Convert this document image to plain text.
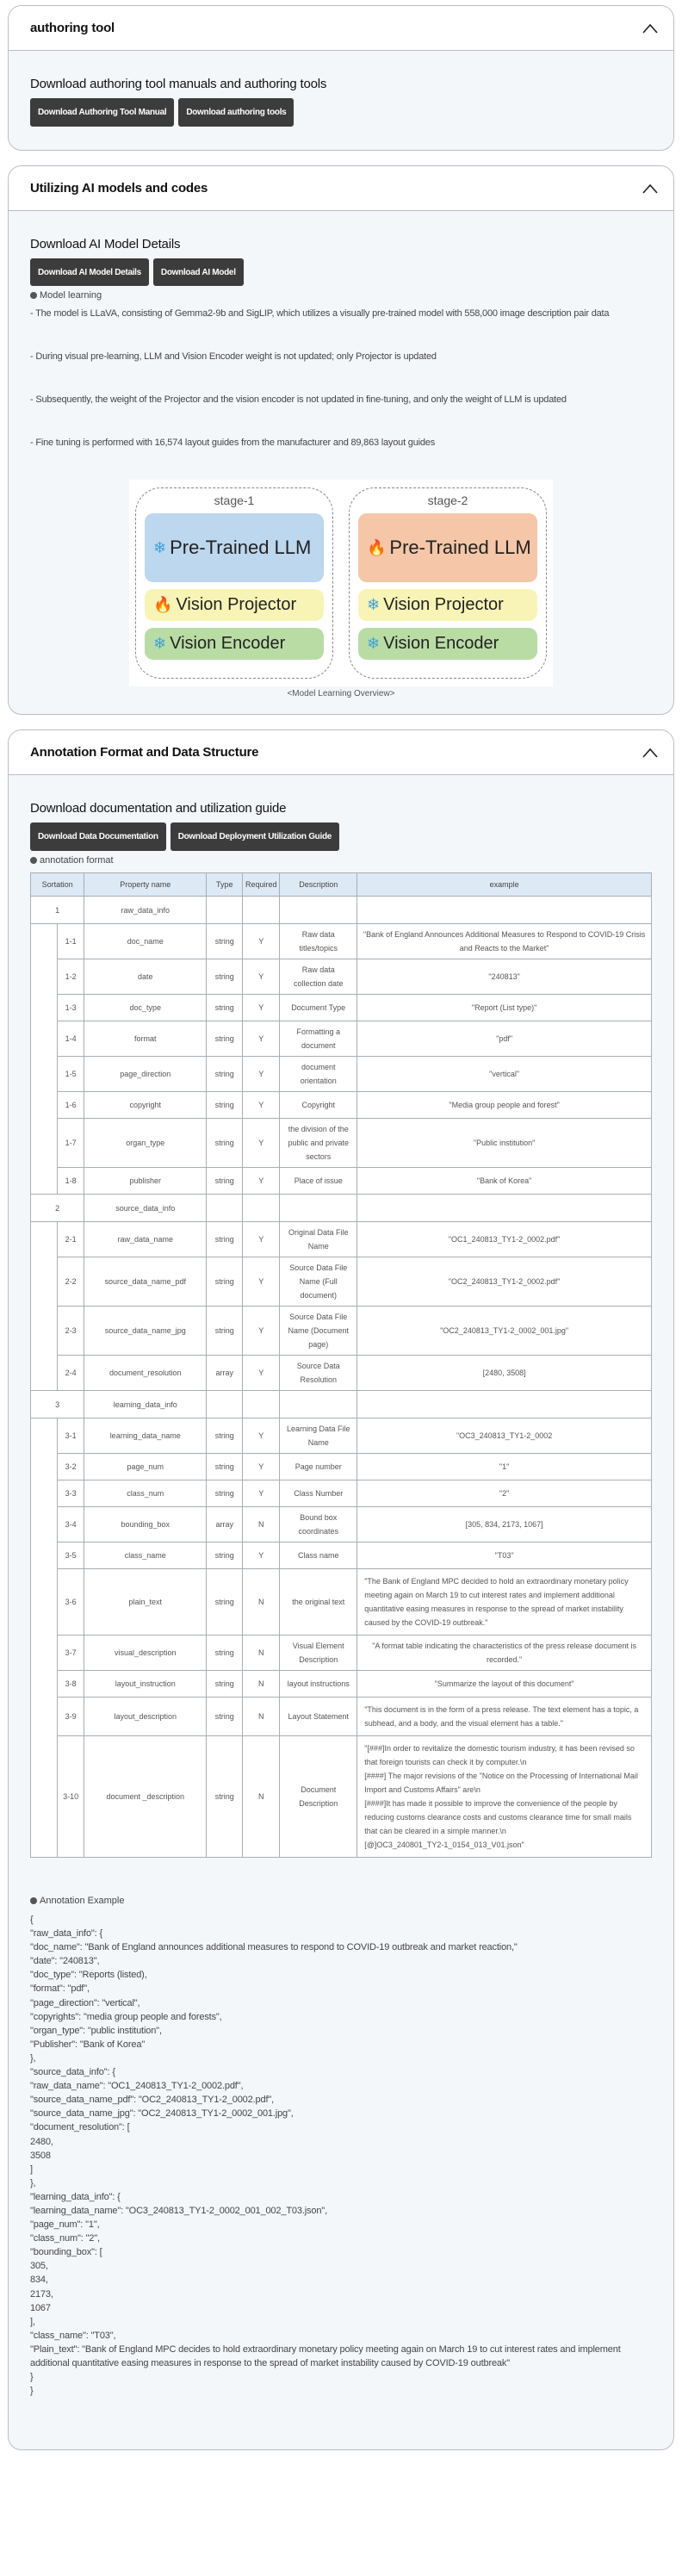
authoring tool
Download authoring tool manuals and authoring tools
Download Authoring Tool Manual	Download authoring tools
Utilizing AI models and codes
Download AI Model Details
Download AI Model Details	Download AI Model
Model learning
- The model is LLaVA, consisting of Gemma2-9b and SigLIP, which utilizes a visually pre-trained model with 558,000 image description pair data
- During visual pre-learning, LLM and Vision Encoder weight is not updated; only Projector is updated
- Subsequently, the weight of the Projector and the vision encoder is not updated in fine-tuning, and only the weight of LLM is updated
- Fine tuning is performed with 16,574 layout guides from the manufacturer and 89,863 layout guides
stage-1
❄ Pre-Trained LLM
🔥 Vision Projector
❄ Vision Encoder
stage-2
🔥 Pre-Trained LLM
❄ Vision Projector
❄ Vision Encoder
<Model Learning Overview>
Annotation Format and Data Structure
Download documentation and utilization guide
Download Data Documentation	Download Deployment Utilization Guide
annotation format
Sortation		Property name	Type	Required	Description	example
1		raw_data_info				
	1-1	doc_name	string	Y	Raw data titles/topics	"Bank of England Announces Additional Measures to Respond to COVID-19 Crisis and Reacts to the Market"
	1-2	date	string	Y	Raw data collection date	"240813"
	1-3	doc_type	string	Y	Document Type	"Report (List type)"
	1-4	format	string	Y	Formatting a document	"pdf"
	1-5	page_direction	string	Y	document orientation	"vertical"
	1-6	copyright	string	Y	Copyright	"Media group people and forest"
	1-7	organ_type	string	Y	the division of the public and private sectors	"Public institution"
	1-8	publisher	string	Y	Place of issue	"Bank of Korea"
2		source_data_info				
	2-1	raw_data_name	string	Y	Original Data File Name	"OC1_240813_TY1-2_0002.pdf"
	2-2	source_data_name_pdf	string	Y	Source Data File Name (Full document)	"OC2_240813_TY1-2_0002.pdf"
	2-3	source_data_name_jpg	string	Y	Source Data File Name (Document page)	"OC2_240813_TY1-2_0002_001.jpg"
	2-4	document_resolution	array	Y	Source Data Resolution	[2480, 3508]
3		learning_data_info				
	3-1	learning_data_name	string	Y	Learning Data File Name	"OC3_240813_TY1-2_0002
	3-2	page_num	string	Y	Page number	"1"
	3-3	class_num	string	Y	Class Number	"2"
	3-4	bounding_box	array	N	Bound box coordinates	[305, 834, 2173, 1067]
	3-5	class_name	string	Y	Class name	"T03"
	3-6	plain_text	string	N	the original text	"The Bank of England MPC decided to hold an extraordinary monetary policy meeting again on March 19 to cut interest rates and implement additional quantitative easing measures in response to the spread of market instability caused by the COVID-19 outbreak."
	3-7	visual_description	string	N	Visual Element Description	"A format table indicating the characteristics of the press release document is recorded."
	3-8	layout_instruction	string	N	layout instructions	"Summarize the layout of this document"
	3-9	layout_description	string	N	Layout Statement	"This document is in the form of a press release. The text element has a topic, a subhead, and a body, and the visual element has a table."
	3-10	document _description	string	N	Document Description	"[###]In order to revitalize the domestic tourism industry, it has been revised so that foreign tourists can check it by computer.\n
[####] The major revisions of the "Notice on the Processing of International Mail Import and Customs Affairs" are\n
[####]It has made it possible to improve the convenience of the people by reducing customs clearance costs and customs clearance time for small mails that can be cleared in a simple manner.\n
[@]OC3_240801_TY2-1_0154_013_V01.json"
Annotation Example
{
"raw_data_info": {
"doc_name": "Bank of England announces additional measures to respond to COVID-19 outbreak and market reaction,"
"date": "240813",
"doc_type": "Reports (listed),
"format": "pdf",
"page_direction": "vertical",
"copyrights": "media group people and forests",
"organ_type": "public institution",
"Publisher": "Bank of Korea"
},
"source_data_info": {
"raw_data_name": "OC1_240813_TY1-2_0002.pdf",
"source_data_name_pdf": "OC2_240813_TY1-2_0002.pdf",
"source_data_name_jpg": "OC2_240813_TY1-2_0002_001.jpg",
"document_resolution": [
2480,
3508
]
},
"learning_data_info": {
"learning_data_name": "OC3_240813_TY1-2_0002_001_002_T03.json",
"page_num": "1",
"class_num": "2",
"bounding_box": [
305,
834,
2173,
1067
],
"class_name": "T03",
"Plain_text": "Bank of England MPC decides to hold extraordinary monetary policy meeting again on March 19 to cut interest rates and implement additional quantitative easing measures in response to the spread of market instability caused by COVID-19 outbreak"
}
}
